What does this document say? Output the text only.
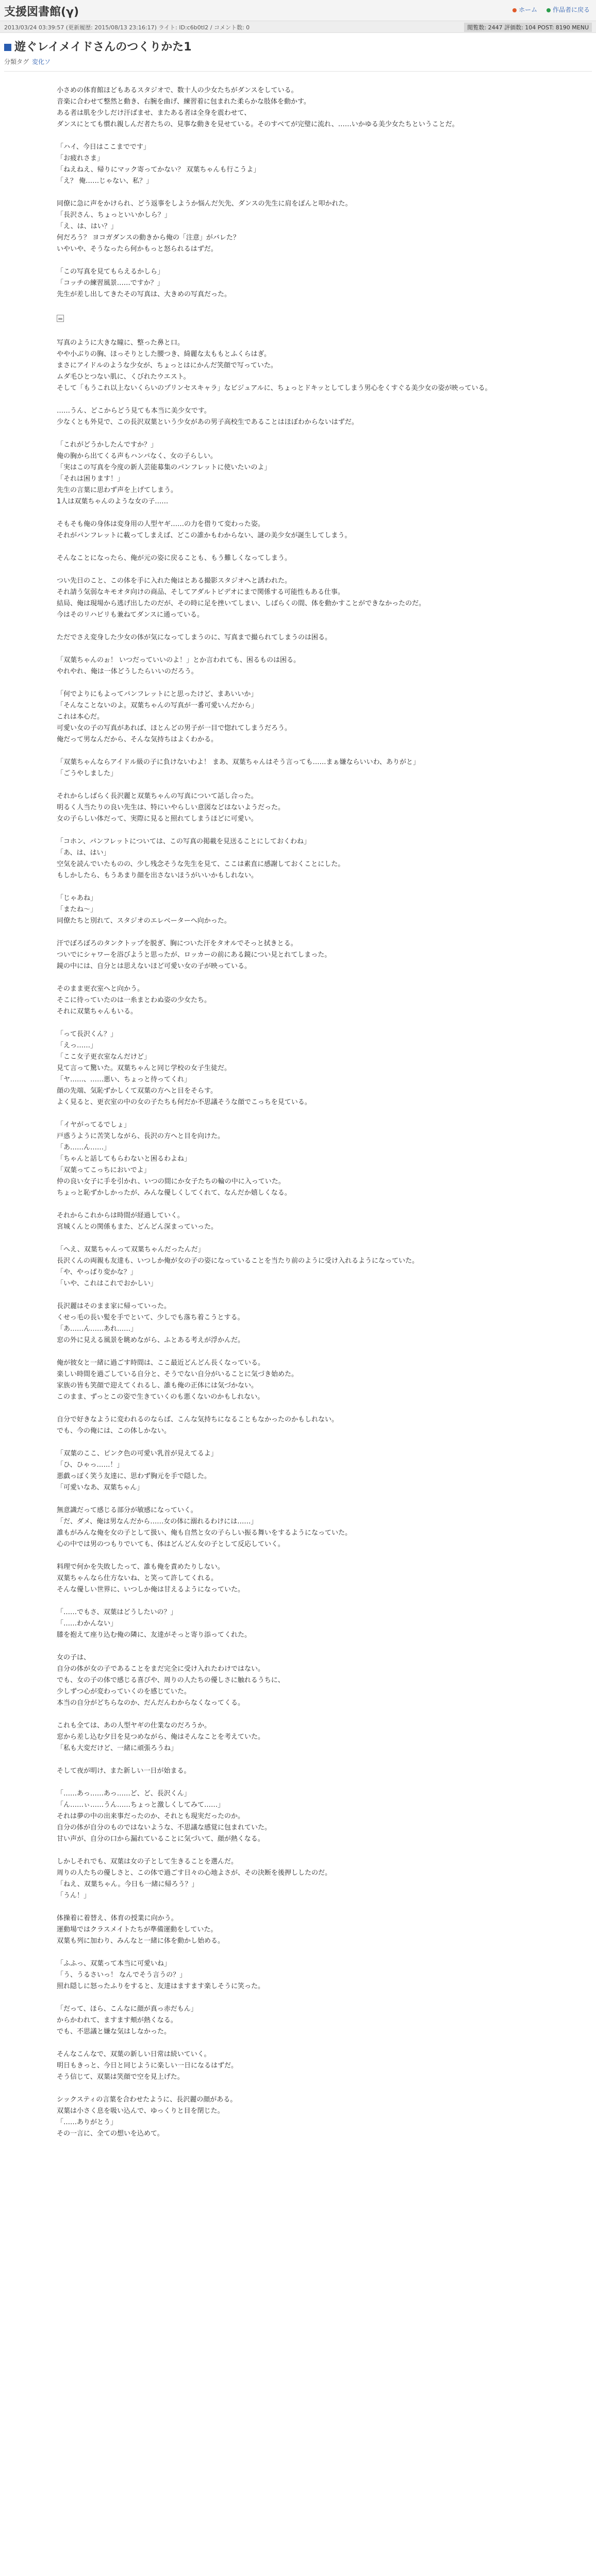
支援図書館(γ)	ホーム 作品者に戻る
2013/03/24 03:39:57 (更新履歴: 2015/08/13 23:16:17) ライト: ID:c6b0tI2 / コメント数: 0	閲覧数: 2447 評価数: 104 POST: 8190 MENU
遊ぐレイメイドさんのつくりかた1
分類タグ 変化ソ

小さめの体育館ほどもあるスタジオで、数十人の少女たちがダンスをしている。
音楽に合わせて整然と動き、右腕を曲げ、練習着に包まれた柔らかな肢体を動かす。
ある者は肌を少しだけ汗ばませ、またある者は全身を震わせて、
ダンスにとても慣れ親しんだ者たちの、見事な動きを見せている。そのすべてが完璧に流れ、……いかゆる美少女たちということだ。

「ハイ、今日はここまでです」
「お疲れさま」
「ねえねえ、帰りにマック寄ってかない？ 双葉ちゃんも行こうよ」
「え？ 俺……じゃない、私？」

同僚に急に声をかけられ、どう返事をしようか悩んだ矢先、ダンスの先生に肩をぽんと叩かれた。
「長沢さん、ちょっといいかしら？」
「え、は、はい？」
何だろう？ ヨコガダンスの動きから俺の「注意」がバレた？
いやいや、そうなったら何かもっと怒られるはずだ。

「この写真を見てもらえるかしら」
「コッチの練習風景……ですか？」
先生が差し出してきたその写真は、大きめの写真だった。

写真のように大きな瞳に、整った鼻と口。
やや小ぶりの胸、ほっそりとした腰つき、綺麗な太ももとふくらはぎ。
まさにアイドルのような少女が、ちょっとはにかんだ笑顔で写っていた。
ムダ毛ひとつない肌に、くびれたウエスト。
そして「もうこれ以上ないくらいのプリンセスキャラ」なビジュアルに、ちょっとドキッとしてしまう男心をくすぐる美少女の姿が映っている。

……うん、どこからどう見ても本当に美少女です。
少なくとも外見で、この長沢双葉という少女があの男子高校生であることはほぼわからないはずだ。

「これがどうかしたんですか？」
俺の胸から出てくる声もハンパなく、女の子らしい。
「実はこの写真を今度の新人芸能募集のパンフレットに使いたいのよ」
「それは困ります！」
先生の言葉に思わず声を上げてしまう。
1人は双葉ちゃんのような女の子……

そもそも俺の身体は変身用の人型ヤギ……の力を借りて変わった姿。
それがパンフレットに載ってしまえば、どこの誰かもわからない、謎の美少女が誕生してしまう。

そんなことになったら、俺が元の姿に戻ることも、もう難しくなってしまう。

つい先日のこと、この体を手に入れた俺はとある撮影スタジオへと誘われた。
それ請う気弱なキモオタ向けの商品、そしてアダルトビデオにまで関係する可能性もある仕事。
結局、俺は現場から逃げ出したのだが、その時に足を挫いてしまい、しばらくの間、体を動かすことができなかったのだ。
今はそのリハビリも兼ねてダンスに通っている。

ただでさえ変身した少女の体が気になってしまうのに、写真まで撮られてしまうのは困る。

「双葉ちゃんのぉ！ いつだっていいのよ！」とか言われても、困るものは困る。
やれやれ、俺は一体どうしたらいいのだろう。

「何でよりにもよってパンフレットにと思ったけど、まあいいか」
「そんなことないのよ。双葉ちゃんの写真が一番可愛いんだから」
これは本心だ。
可愛い女の子の写真があれば、ほとんどの男子が一目で惚れてしまうだろう。
俺だって男なんだから、そんな気持ちはよくわかる。

「双葉ちゃんならアイドル級の子に負けないわよ！ まあ、双葉ちゃんはそう言っても……まぁ嫌ならいいわ、ありがと」
「ごうやしました」

それからしばらく長沢麗と双葉ちゃんの写真について話し合った。
明るく人当たりの良い先生は、特にいやらしい意図などはないようだった。
女の子らしい体だって、実際に見ると照れてしまうほどに可愛い。

「コホン、パンフレットについては、この写真の掲載を見送ることにしておくわね」
「あ、は、はい」
空気を読んでいたものの、少し残念そうな先生を見て、ここは素直に感謝しておくことにした。
もしかしたら、もうあまり顔を出さないほうがいいかもしれない。

「じゃあね」
「またね～」
同僚たちと別れて、スタジオのエレベーターへ向かった。

汗でぼろぼろのタンクトップを脱ぎ、胸についた汗をタオルでそっと拭きとる。
ついでにシャワーを浴びようと思ったが、ロッカーの前にある鏡につい見とれてしまった。
鏡の中には、自分とは思えないほど可愛い女の子が映っている。

そのまま更衣室へと向かう。
そこに待っていたのは一糸まとわぬ姿の少女たち。
それに双葉ちゃんもいる。

「って長沢くん？」
「えっ……」
「ここ女子更衣室なんだけど」
見て言って驚いた。双葉ちゃんと同じ学校の女子生徒だ。
「ヤ……、……悪い、ちょっと待ってくれ」
顔の先端、気恥ずかしくて双葉の方へと目をそらす。
よく見ると、更衣室の中の女の子たちも何だか不思議そうな顔でこっちを見ている。

「イヤがってるでしょ」
戸惑うように苦笑しながら、長沢の方へと目を向けた。
「あ……ん……」
「ちゃんと話してもらわないと困るわよね」
「双葉ってこっちにおいでよ」
仲の良い女子に手を引かれ、いつの間にか女子たちの輪の中に入っていた。
ちょっと恥ずかしかったが、みんな優しくしてくれて、なんだか嬉しくなる。

それからこれからは時間が経過していく。
宮城くんとの関係もまた、どんどん深まっていった。

「へえ、双葉ちゃんって双葉ちゃんだったんだ」
長沢くんの両親も友達も、いつしか俺が女の子の姿になっていることを当たり前のように受け入れるようになっていた。
「や、やっぱり変かな？」
「いや、これはこれでおかしい」

長沢麗はそのまま家に帰っていった。
くせっ毛の長い髪を手でといて、少しでも落ち着こうとする。
「あ……ん……あれ……」
窓の外に見える風景を眺めながら、ふとある考えが浮かんだ。

俺が彼女と一緒に過ごす時間は、ここ最近どんどん長くなっている。
楽しい時間を過ごしている自分と、そうでない自分がいることに気づき始めた。
家族の皆も笑顔で迎えてくれるし、誰も俺の正体には気づかない。
このまま、ずっとこの姿で生きていくのも悪くないのかもしれない。

自分で好きなように変われるのならば、こんな気持ちになることもなかったのかもしれない。
でも、今の俺には、この体しかない。

「双葉のここ、ピンク色の可愛い乳首が見えてるよ」
「ひ、ひゃっ……！」
悪戯っぽく笑う友達に、思わず胸元を手で隠した。
「可愛いなあ、双葉ちゃん」

無意識だって感じる部分が敏感になっていく。
「だ、ダメ、俺は男なんだから……女の体に溺れるわけには……」
誰もがみんな俺を女の子として扱い、俺も自然と女の子らしい振る舞いをするようになっていた。
心の中では男のつもりでいても、体はどんどん女の子として反応していく。

料理で何かを失敗したって、誰も俺を責めたりしない。
双葉ちゃんなら仕方ないね、と笑って許してくれる。
そんな優しい世界に、いつしか俺は甘えるようになっていた。

「……でもさ、双葉はどうしたいの？」
「……わかんない」
膝を抱えて座り込む俺の隣に、友達がそっと寄り添ってくれた。

女の子は、
自分の体が女の子であることをまだ完全に受け入れたわけではない。
でも、女の子の体で感じる喜びや、周りの人たちの優しさに触れるうちに、
少しずつ心が変わっていくのを感じていた。
本当の自分がどちらなのか、だんだんわからなくなってくる。

これも全ては、あの人型ヤギの仕業なのだろうか。
窓から差し込む夕日を見つめながら、俺はそんなことを考えていた。
「私も大変だけど、一緒に頑張ろうね」

そして夜が明け、また新しい一日が始まる。

「……あっ……あっ……ど、ど、長沢くん」
「ん……ぃ……うん……ちょっと激しくしてみて……」
それは夢の中の出来事だったのか、それとも現実だったのか。
自分の体が自分のものではないような、不思議な感覚に包まれていた。
甘い声が、自分の口から漏れていることに気づいて、顔が熱くなる。

しかしそれでも、双葉は女の子として生きることを選んだ。
周りの人たちの優しさと、この体で過ごす日々の心地よさが、その決断を後押ししたのだ。
「ねえ、双葉ちゃん。今日も一緒に帰ろう？」
「うん！」

体操着に着替え、体育の授業に向かう。
運動場ではクラスメイトたちが準備運動をしていた。
双葉も列に加わり、みんなと一緒に体を動かし始める。

「ふふっ、双葉って本当に可愛いね」
「う、うるさいっ！ なんでそう言うの？」
照れ隠しに怒ったふりをすると、友達はますます楽しそうに笑った。

「だって、ほら、こんなに顔が真っ赤だもん」
からかわれて、ますます頬が熱くなる。
でも、不思議と嫌な気はしなかった。

そんなこんなで、双葉の新しい日常は続いていく。
明日もきっと、今日と同じように楽しい一日になるはずだ。
そう信じて、双葉は笑顔で空を見上げた。

シックスティの言葉を合わせたように、長沢麗の顔がある。
双葉は小さく息を吸い込んで、ゆっくりと目を閉じた。
「……ありがとう」
その一言に、全ての想いを込めて。
